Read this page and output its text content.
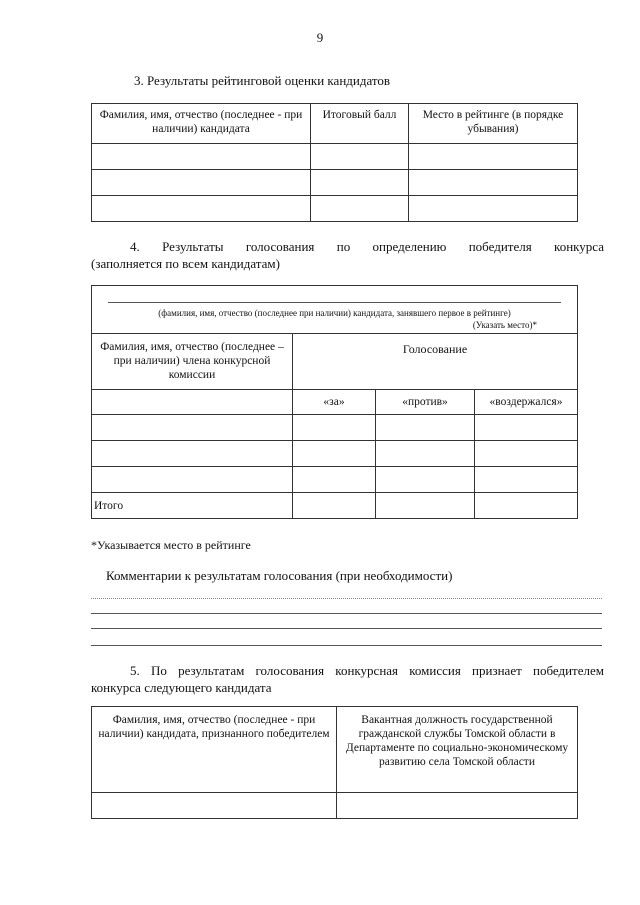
9
3. Результаты рейтинговой оценки кандидатов
Фамилия, имя, отчество (последнее - при наличии) кандидата	Итоговый балл	Место в рейтинге (в порядке убывания)

4. Результаты голосования по определению победителя конкурса
(заполняется по всем кандидатам)
(фамилия, имя, отчество (последнее при наличии) кандидата, занявшего первое в рейтинге)
(Указать место)*			

Фамилия, имя, отчество (последнее – при наличии) члена конкурсной комиссии	Голосование		
	«за»	«против»	«воздержался»

Итого			
*Указывается место в рейтинге
Комментарии к результатам голосования (при необходимости)
5. По результатам голосования конкурсная комиссия признает победителем
конкурса следующего кандидата
Фамилия, имя, отчество (последнее - при наличии) кандидата, признанного победителем	Вакантная должность государственной гражданской службы Томской области в Департаменте по социально-экономическому развитию села Томской области
